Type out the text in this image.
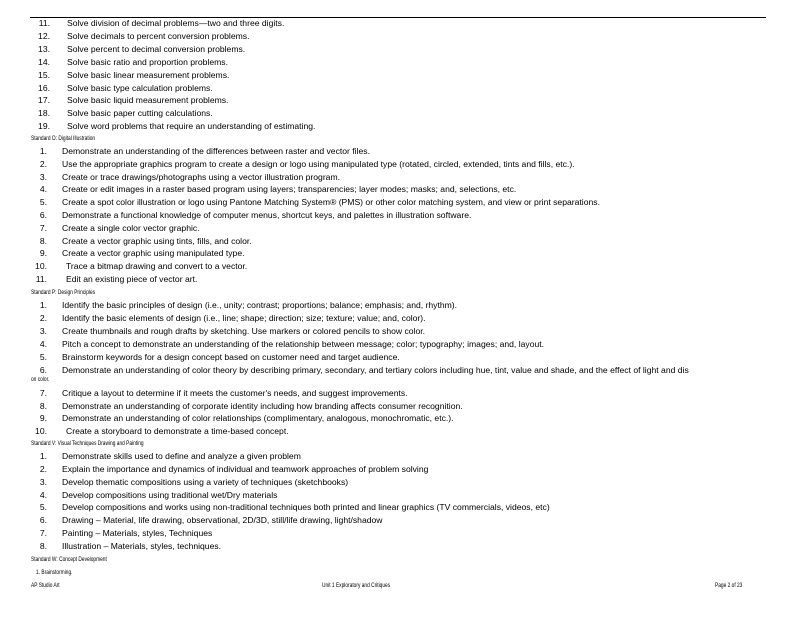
11. Solve division of decimal problems—two and three digits.
12. Solve decimals to percent conversion problems.
13. Solve percent to decimal conversion problems.
14. Solve basic ratio and proportion problems.
15. Solve basic linear measurement problems.
16. Solve basic type calculation problems.
17. Solve basic liquid measurement problems.
18. Solve basic paper cutting calculations.
19. Solve word problems that require an understanding of estimating.
Standard O: Digital Illustration
1. Demonstrate an understanding of the differences between raster and vector files.
2. Use the appropriate graphics program to create a design or logo using manipulated type (rotated, circled, extended, tints and fills, etc.).
3. Create or trace drawings/photographs using a vector illustration program.
4. Create or edit images in a raster based program using layers; transparencies; layer modes; masks; and, selections, etc.
5. Create a spot color illustration or logo using Pantone Matching System® (PMS) or other color matching system, and view or print separations.
6. Demonstrate a functional knowledge of computer menus, shortcut keys, and palettes in illustration software.
7. Create a single color vector graphic.
8. Create a vector graphic using tints, fills, and color.
9. Create a vector graphic using manipulated type.
10. Trace a bitmap drawing and convert to a vector.
11. Edit an existing piece of vector art.
Standard P: Design Principles
1. Identify the basic principles of design (i.e., unity; contrast; proportions; balance; emphasis; and, rhythm).
2. Identify the basic elements of design (i.e., line; shape; direction; size; texture; value; and, color).
3. Create thumbnails and rough drafts by sketching. Use markers or colored pencils to show color.
4. Pitch a concept to demonstrate an understanding of the relationship between message; color; typography; images; and, layout.
5. Brainstorm keywords for a design concept based on customer need and target audience.
6. Demonstrate an understanding of color theory by describing primary, secondary, and tertiary colors including hue, tint, value and shade, and the effect of light and dis
7. Critique a layout to determine if it meets the customer's needs, and suggest improvements.
8. Demonstrate an understanding of corporate identity including how branding affects consumer recognition.
9. Demonstrate an understanding of color relationships (complimentary, analogous, monochromatic, etc.).
10. Create a storyboard to demonstrate a time-based concept.
on color.
Standard V: Visual Techniques Drawing and Painting
1. Demonstrate skills used to define and analyze a given problem
2. Explain the importance and dynamics of individual and teamwork approaches of problem solving
3. Develop thematic compositions using a variety of techniques (sketchbooks)
4. Develop compositions using traditional wet/Dry materials
5. Develop compositions and works using non-traditional techniques both printed and linear graphics (TV commercials, videos, etc)
6. Drawing – Material, life drawing, observational, 2D/3D, still/life drawing, light/shadow
7. Painting – Materials, styles, Techniques
8. Illustration – Materials, styles, techniques.
Standard W: Concept Development
1. Brainstorming.
AP Studio Art	Unit 1 Exploratory and Critiques	Page 2 of 23
